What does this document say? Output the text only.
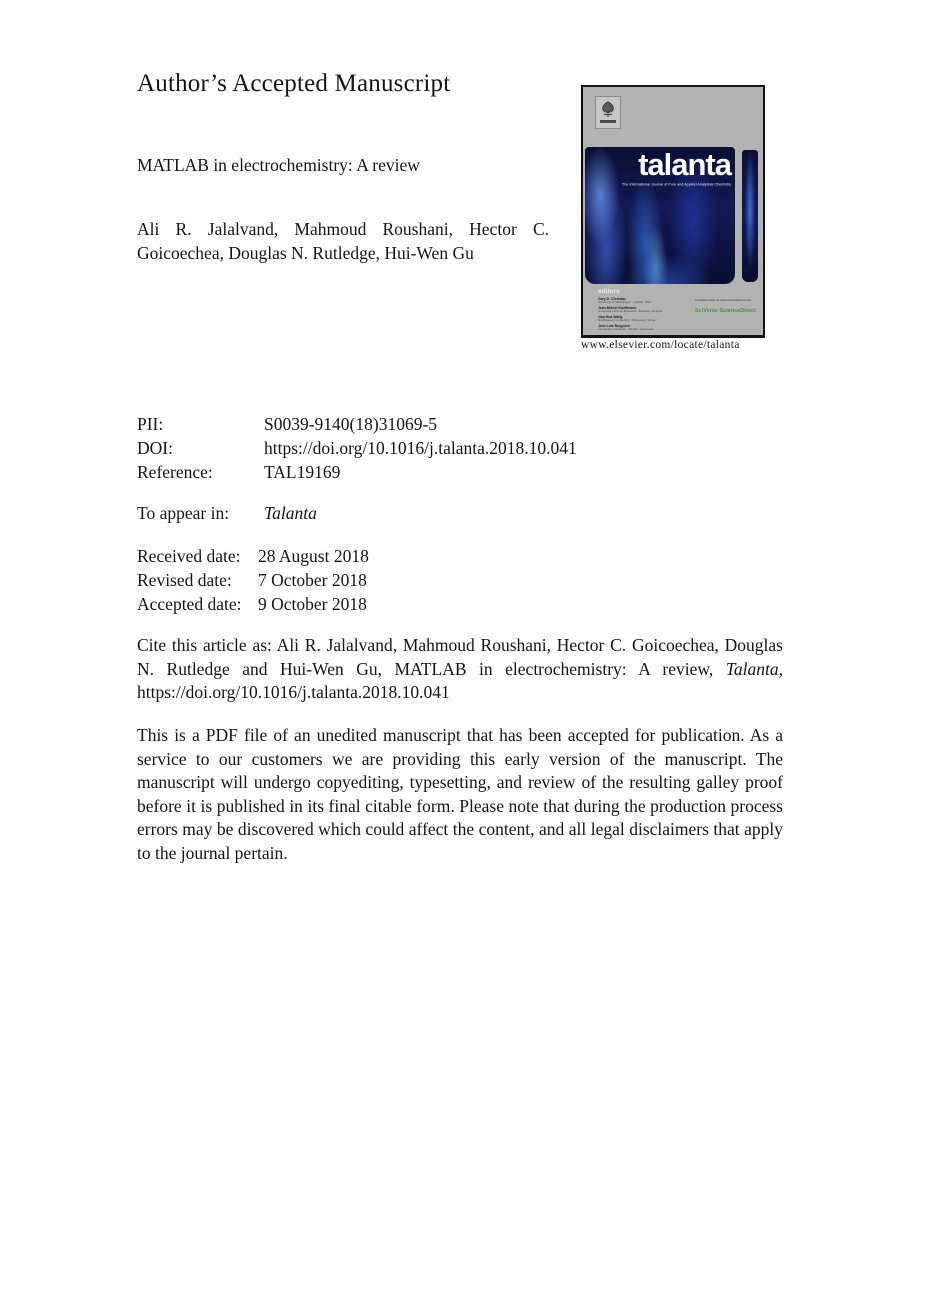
Author’s Accepted Manuscript
MATLAB in electrochemistry: A review
Ali R. Jalalvand, Mahmoud Roushani, Hector C. Goicoechea, Douglas N. Rutledge, Hui-Wen Gu
talanta
The International Journal of Pure and Applied Analytical Chemistry
editors
Gary D. Christian
University of Washington - Seattle, USA
Jean-Michel Kauffmann
Universite Libre de Bruxelles - Brussels, Belgium
Jian-Hua Wang
Northeastern University - Shenyang, China
Jose Luis Burguera
Los Andes University - Merida, Venezuela
Available online at www.sciencedirect.com
SciVerse ScienceDirect
www.elsevier.com/locate/talanta
PII:	S0039-9140(18)31069-5
DOI:	https://doi.org/10.1016/j.talanta.2018.10.041
Reference:	TAL19169
To appear in:	Talanta
Received date:	28 August 2018
Revised date:	7 October 2018
Accepted date: 9 October 2018
Cite this article as: Ali R. Jalalvand, Mahmoud Roushani, Hector C. Goicoechea, Douglas N. Rutledge and Hui-Wen Gu, MATLAB in electrochemistry: A review, Talanta, https://doi.org/10.1016/j.talanta.2018.10.041
This is a PDF file of an unedited manuscript that has been accepted for publication. As a service to our customers we are providing this early version of the manuscript. The manuscript will undergo copyediting, typesetting, and review of the resulting galley proof before it is published in its final citable form. Please note that during the production process errors may be discovered which could affect the content, and all legal disclaimers that apply to the journal pertain.
